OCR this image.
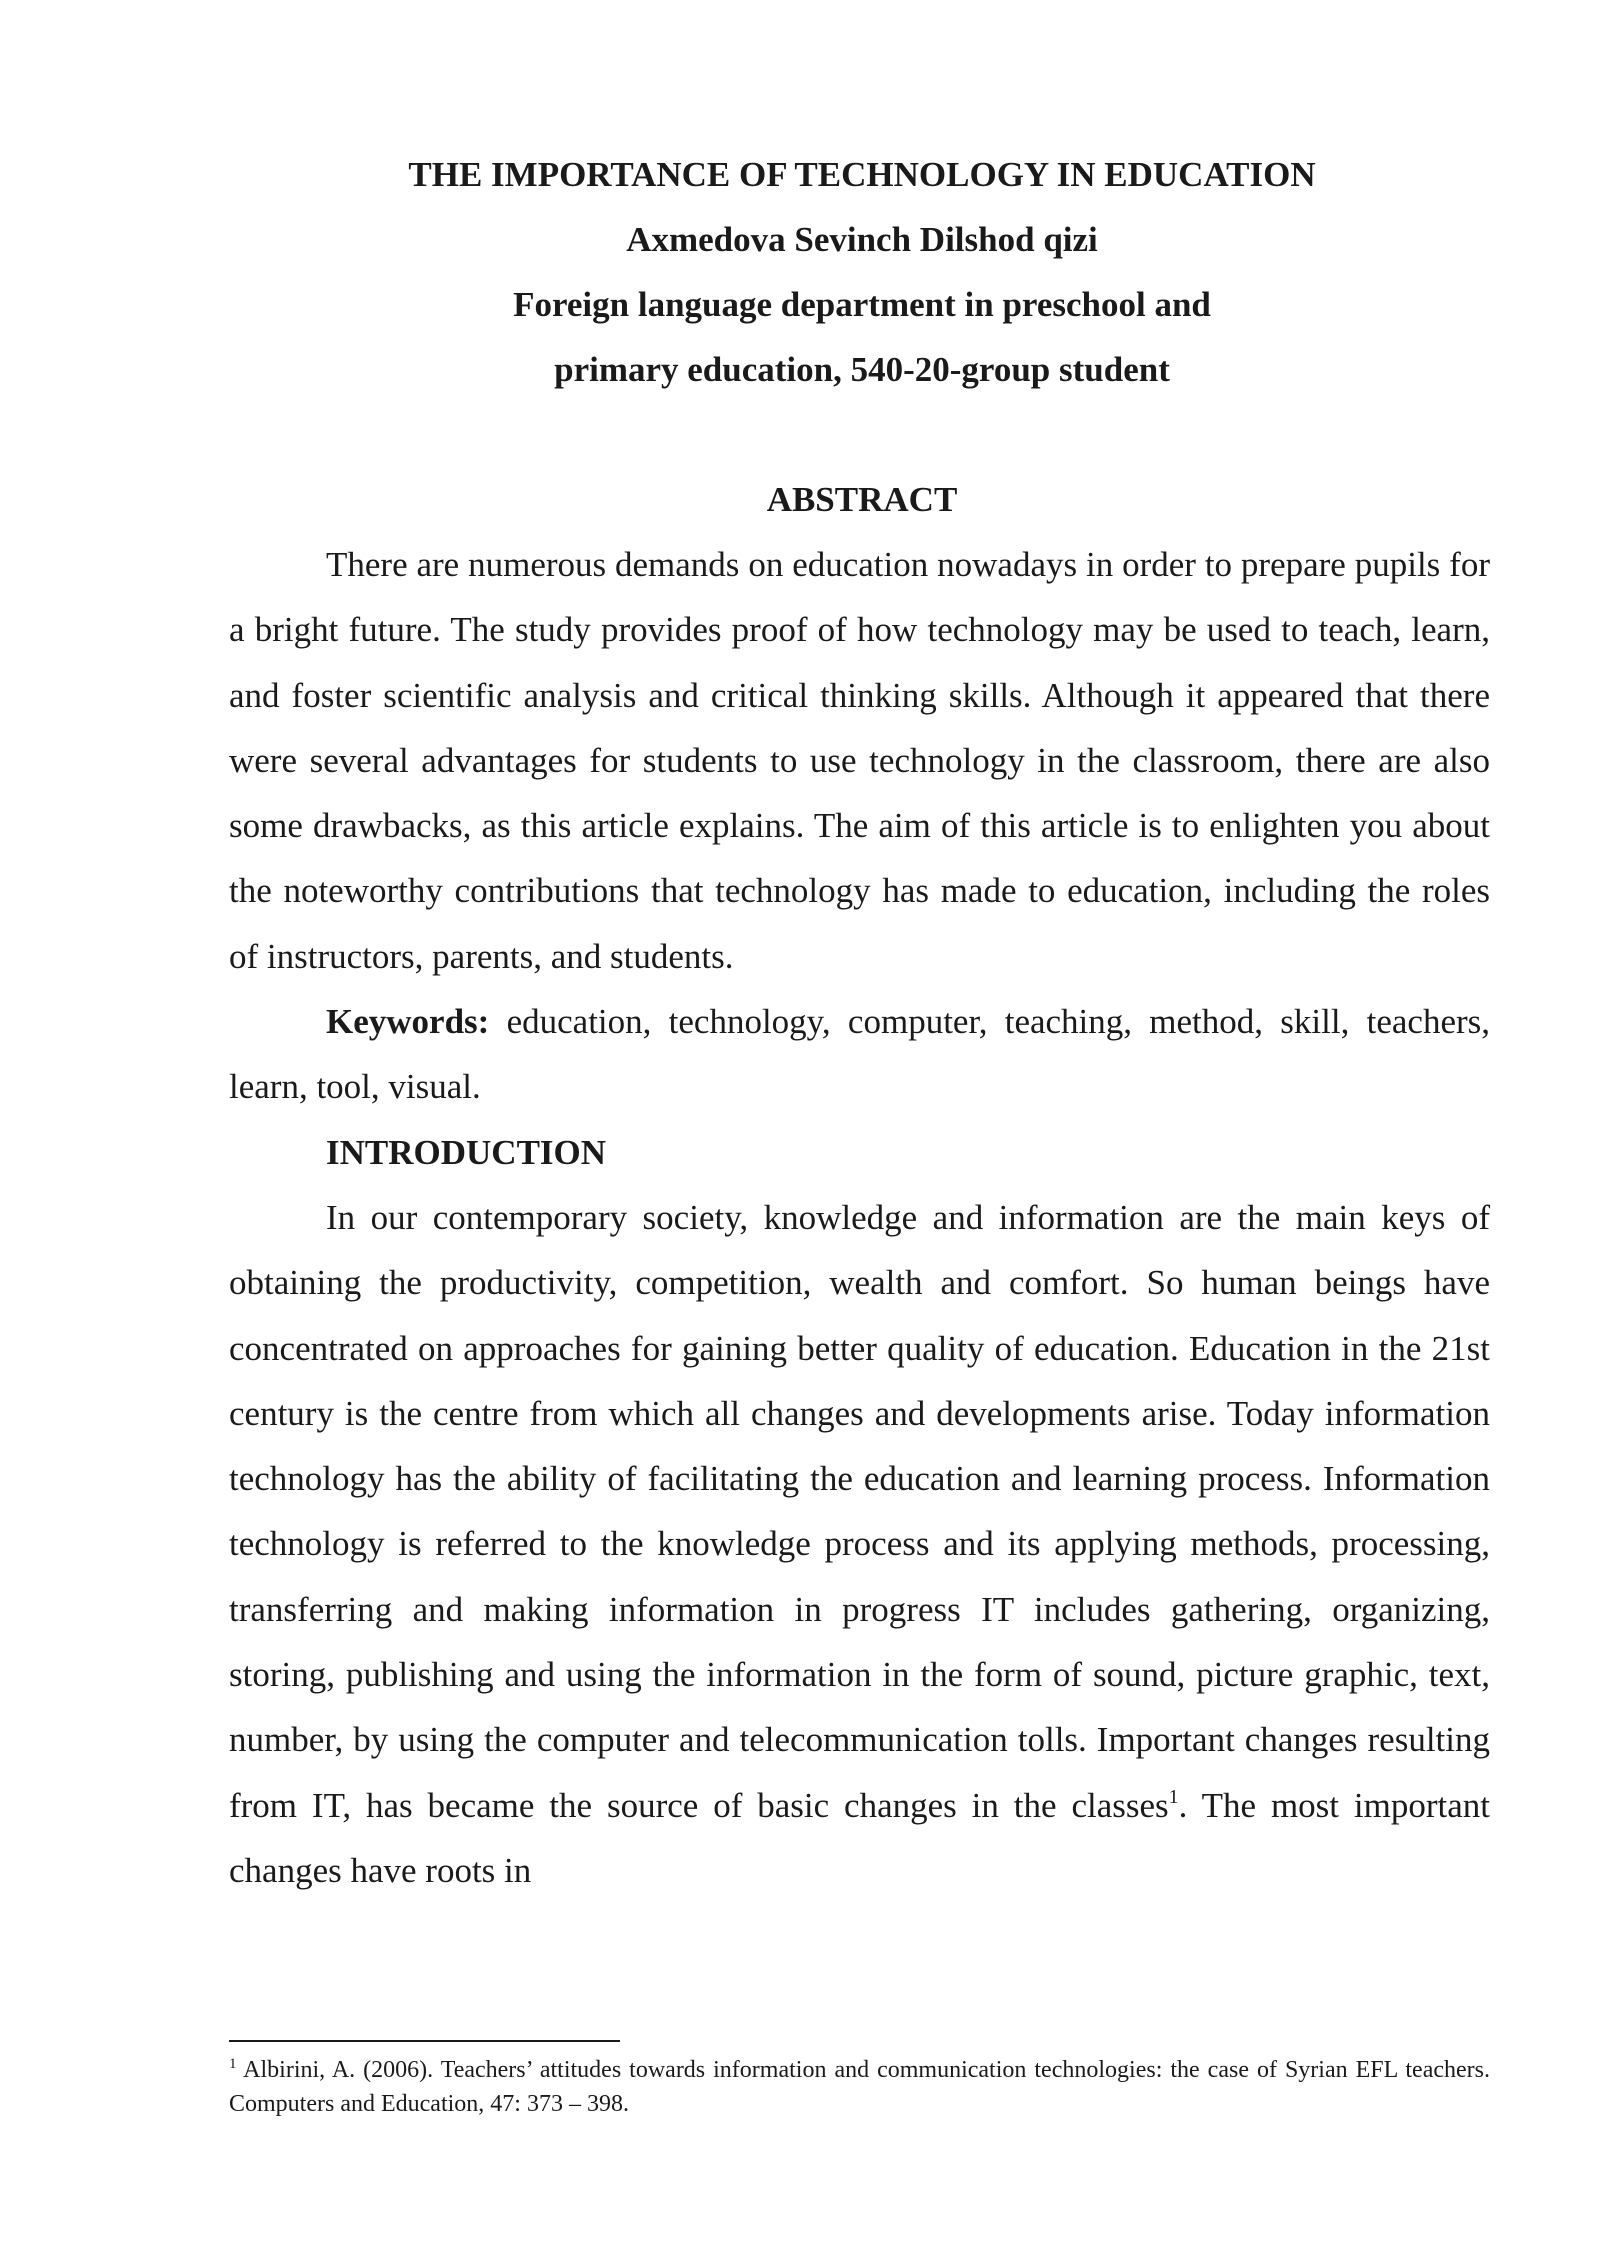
THE IMPORTANCE OF TECHNOLOGY IN EDUCATION
Axmedova Sevinch Dilshod qizi
Foreign language department in preschool and
primary education, 540-20-group student
ABSTRACT

There are numerous demands on education nowadays in order to prepare pupils for a bright future. The study provides proof of how technology may be used to teach, learn, and foster scientific analysis and critical thinking skills. Although it appeared that there were several advantages for students to use technology in the classroom, there are also some drawbacks, as this article explains. The aim of this article is to enlighten you about the noteworthy contributions that technology has made to education, including the roles of instructors, parents, and students.

Keywords: education, technology, computer, teaching, method, skill, teachers, learn, tool, visual.

INTRODUCTION

In our contemporary society, knowledge and information are the main keys of obtaining the productivity, competition, wealth and comfort. So human beings have concentrated on approaches for gaining better quality of education. Education in the 21st century is the centre from which all changes and developments arise. Today information technology has the ability of facilitating the education and learning process. Information technology is referred to the knowledge process and its applying methods, processing, transferring and making information in progress IT includes gathering, organizing, storing, publishing and using the information in the form of sound, picture graphic, text, number, by using the computer and telecommunication tolls. Important changes resulting from IT, has became the source of basic changes in the classes$^1$. The most important changes have roots in

$^1$ Albirini, A. (2006). Teachers’ attitudes towards information and communication technologies: the case of Syrian EFL teachers. Computers and Education, 47: 373 – 398.
